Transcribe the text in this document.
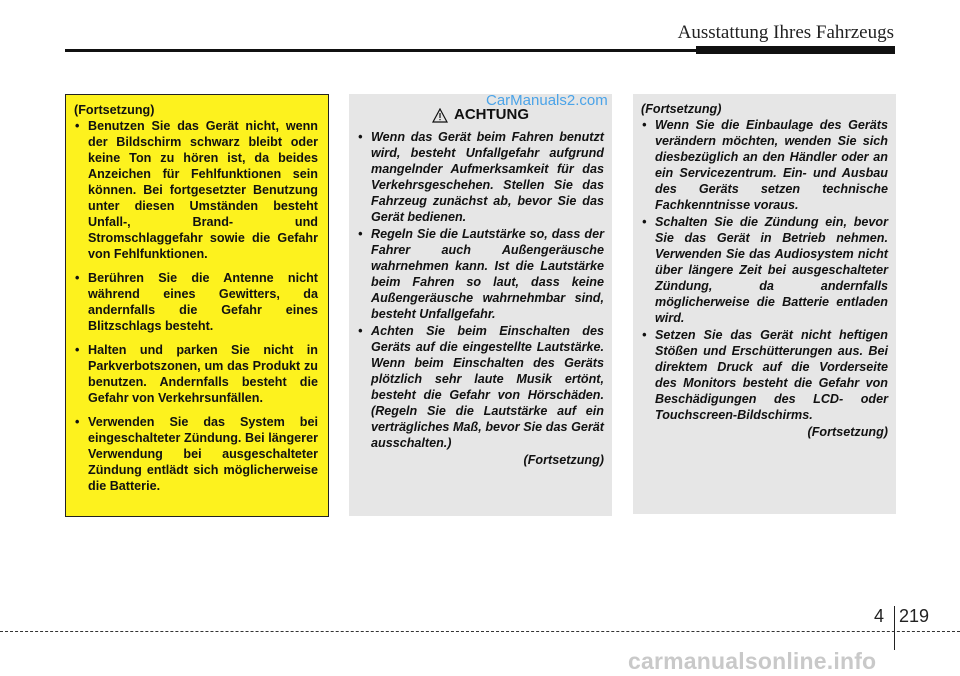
Ausstattung Ihres Fahrzeugs

(Fortsetzung)

• Benutzen Sie das Gerät nicht, wenn der Bildschirm schwarz bleibt oder keine Ton zu hören ist, da beides Anzeichen für Fehlfunktionen sein können. Bei fortgesetzter Benutzung unter diesen Umständen besteht Unfall-, Brand- und Stromschlaggefahr sowie die Gefahr von Fehlfunktionen.
• Berühren Sie die Antenne nicht während eines Gewitters, da andernfalls die Gefahr eines Blitzschlags besteht.
• Halten und parken Sie nicht in Parkverbotszonen, um das Produkt zu benutzen. Andernfalls besteht die Gefahr von Verkehrsunfällen.
• Verwenden Sie das System bei eingeschalteter Zündung. Bei längerer Verwendung bei ausgeschalteter Zündung entlädt sich möglicherweise die Batterie.
ACHTUNG
• Wenn das Gerät beim Fahren benutzt wird, besteht Unfallgefahr aufgrund mangelnder Aufmerksamkeit für das Verkehrsgeschehen. Stellen Sie das Fahrzeug zunächst ab, bevor Sie das Gerät bedienen.
• Regeln Sie die Lautstärke so, dass der Fahrer auch Außengeräusche wahrnehmen kann. Ist die Lautstärke beim Fahren so laut, dass keine Außengeräusche wahrnehmbar sind, besteht Unfallgefahr.
• Achten Sie beim Einschalten des Geräts auf die eingestellte Lautstärke. Wenn beim Einschalten des Geräts plötzlich sehr laute Musik ertönt, besteht die Gefahr von Hörschäden. (Regeln Sie die Lautstärke auf ein verträgliches Maß, bevor Sie das Gerät ausschalten.)

(Fortsetzung)

(Fortsetzung)

• Wenn Sie die Einbaulage des Geräts verändern möchten, wenden Sie sich diesbezüglich an den Händler oder an ein Servicezentrum. Ein- und Ausbau des Geräts setzen technische Fachkenntnisse voraus.
• Schalten Sie die Zündung ein, bevor Sie das Gerät in Betrieb nehmen. Verwenden Sie das Audiosystem nicht über längere Zeit bei ausgeschalteter Zündung, da andernfalls möglicherweise die Batterie entladen wird.
• Setzen Sie das Gerät nicht heftigen Stößen und Erschütterungen aus. Bei direktem Druck auf die Vorderseite des Monitors besteht die Gefahr von Beschädigungen des LCD- oder Touchscreen-Bildschirms.

(Fortsetzung)

CarManuals2.com
4 219
carmanualsonline.info
